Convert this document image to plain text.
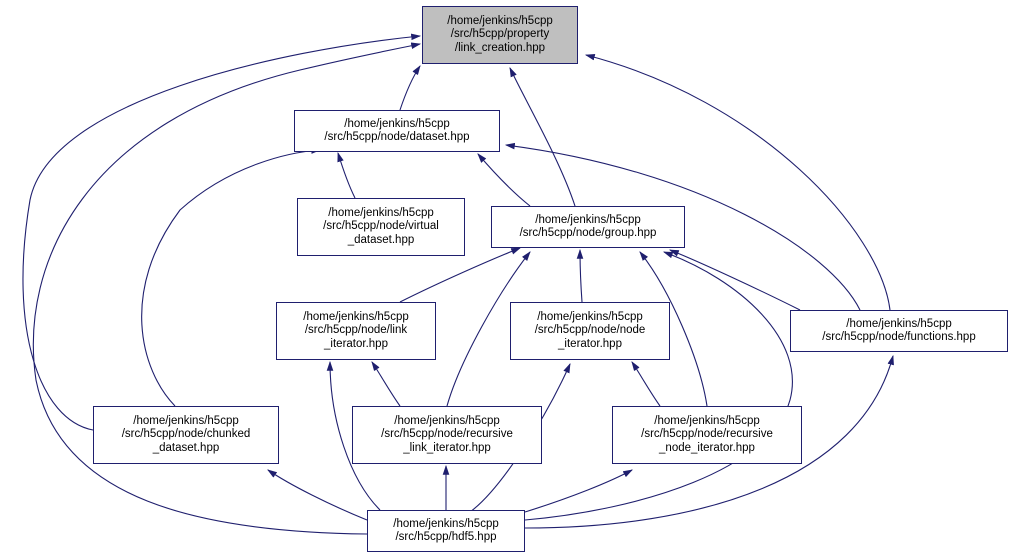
/home/jenkins/h5cpp
/src/h5cpp/property
/link_creation.hpp
/home/jenkins/h5cpp
/src/h5cpp/node/dataset.hpp
/home/jenkins/h5cpp
/src/h5cpp/node/virtual
_dataset.hpp
/home/jenkins/h5cpp
/src/h5cpp/node/group.hpp
/home/jenkins/h5cpp
/src/h5cpp/node/functions.hpp
/home/jenkins/h5cpp
/src/h5cpp/node/link
_iterator.hpp
/home/jenkins/h5cpp
/src/h5cpp/node/node
_iterator.hpp
/home/jenkins/h5cpp
/src/h5cpp/node/chunked
_dataset.hpp
/home/jenkins/h5cpp
/src/h5cpp/node/recursive
_link_iterator.hpp
/home/jenkins/h5cpp
/src/h5cpp/node/recursive
_node_iterator.hpp
/home/jenkins/h5cpp
/src/h5cpp/hdf5.hpp
